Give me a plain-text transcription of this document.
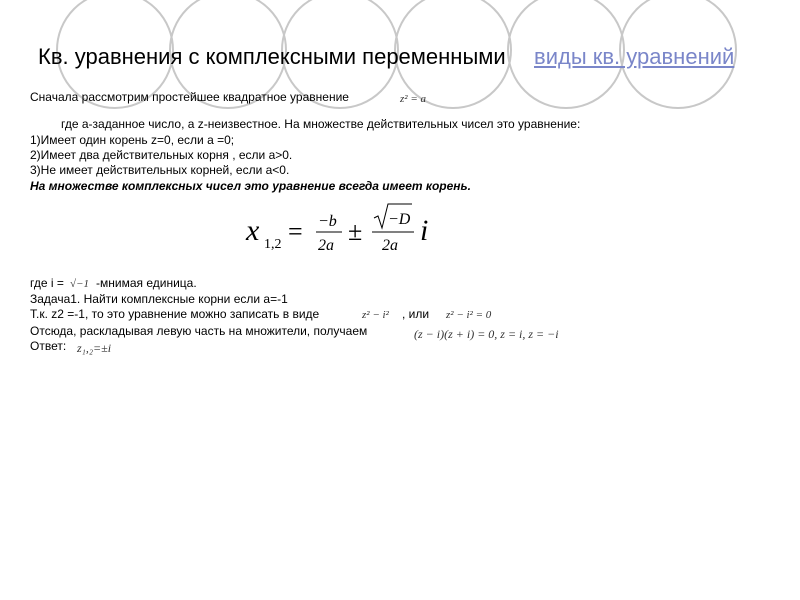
Кв. уравнения с комплексными переменными виды кв. уравнений
Сначала рассмотрим простейшее квадратное уравнение	z² = a
где a-заданное число, а z-неизвестное. На множестве действительных чисел это уравнение:
1)Имеет один корень z=0, если a =0;
2)Имеет два действительных корня , если a>0.
3)Не имеет действительных корней, если a<0.
На множестве комплексных чисел это уравнение всегда имеет корень.
x 1,2 = −b
2a ± −D
2a i
где i = √−1 -мнимая единица.
Задача1. Найти комплексные корни если a=-1
Т.к. z2 =-1, то это уравнение можно записать в виде	z² − i² , или z² − i² = 0
Отсюда, раскладывая левую часть на множители, получаем	(z − i)(z + i) = 0, z = i, z = −i
Ответ: z₁,₂=±i
